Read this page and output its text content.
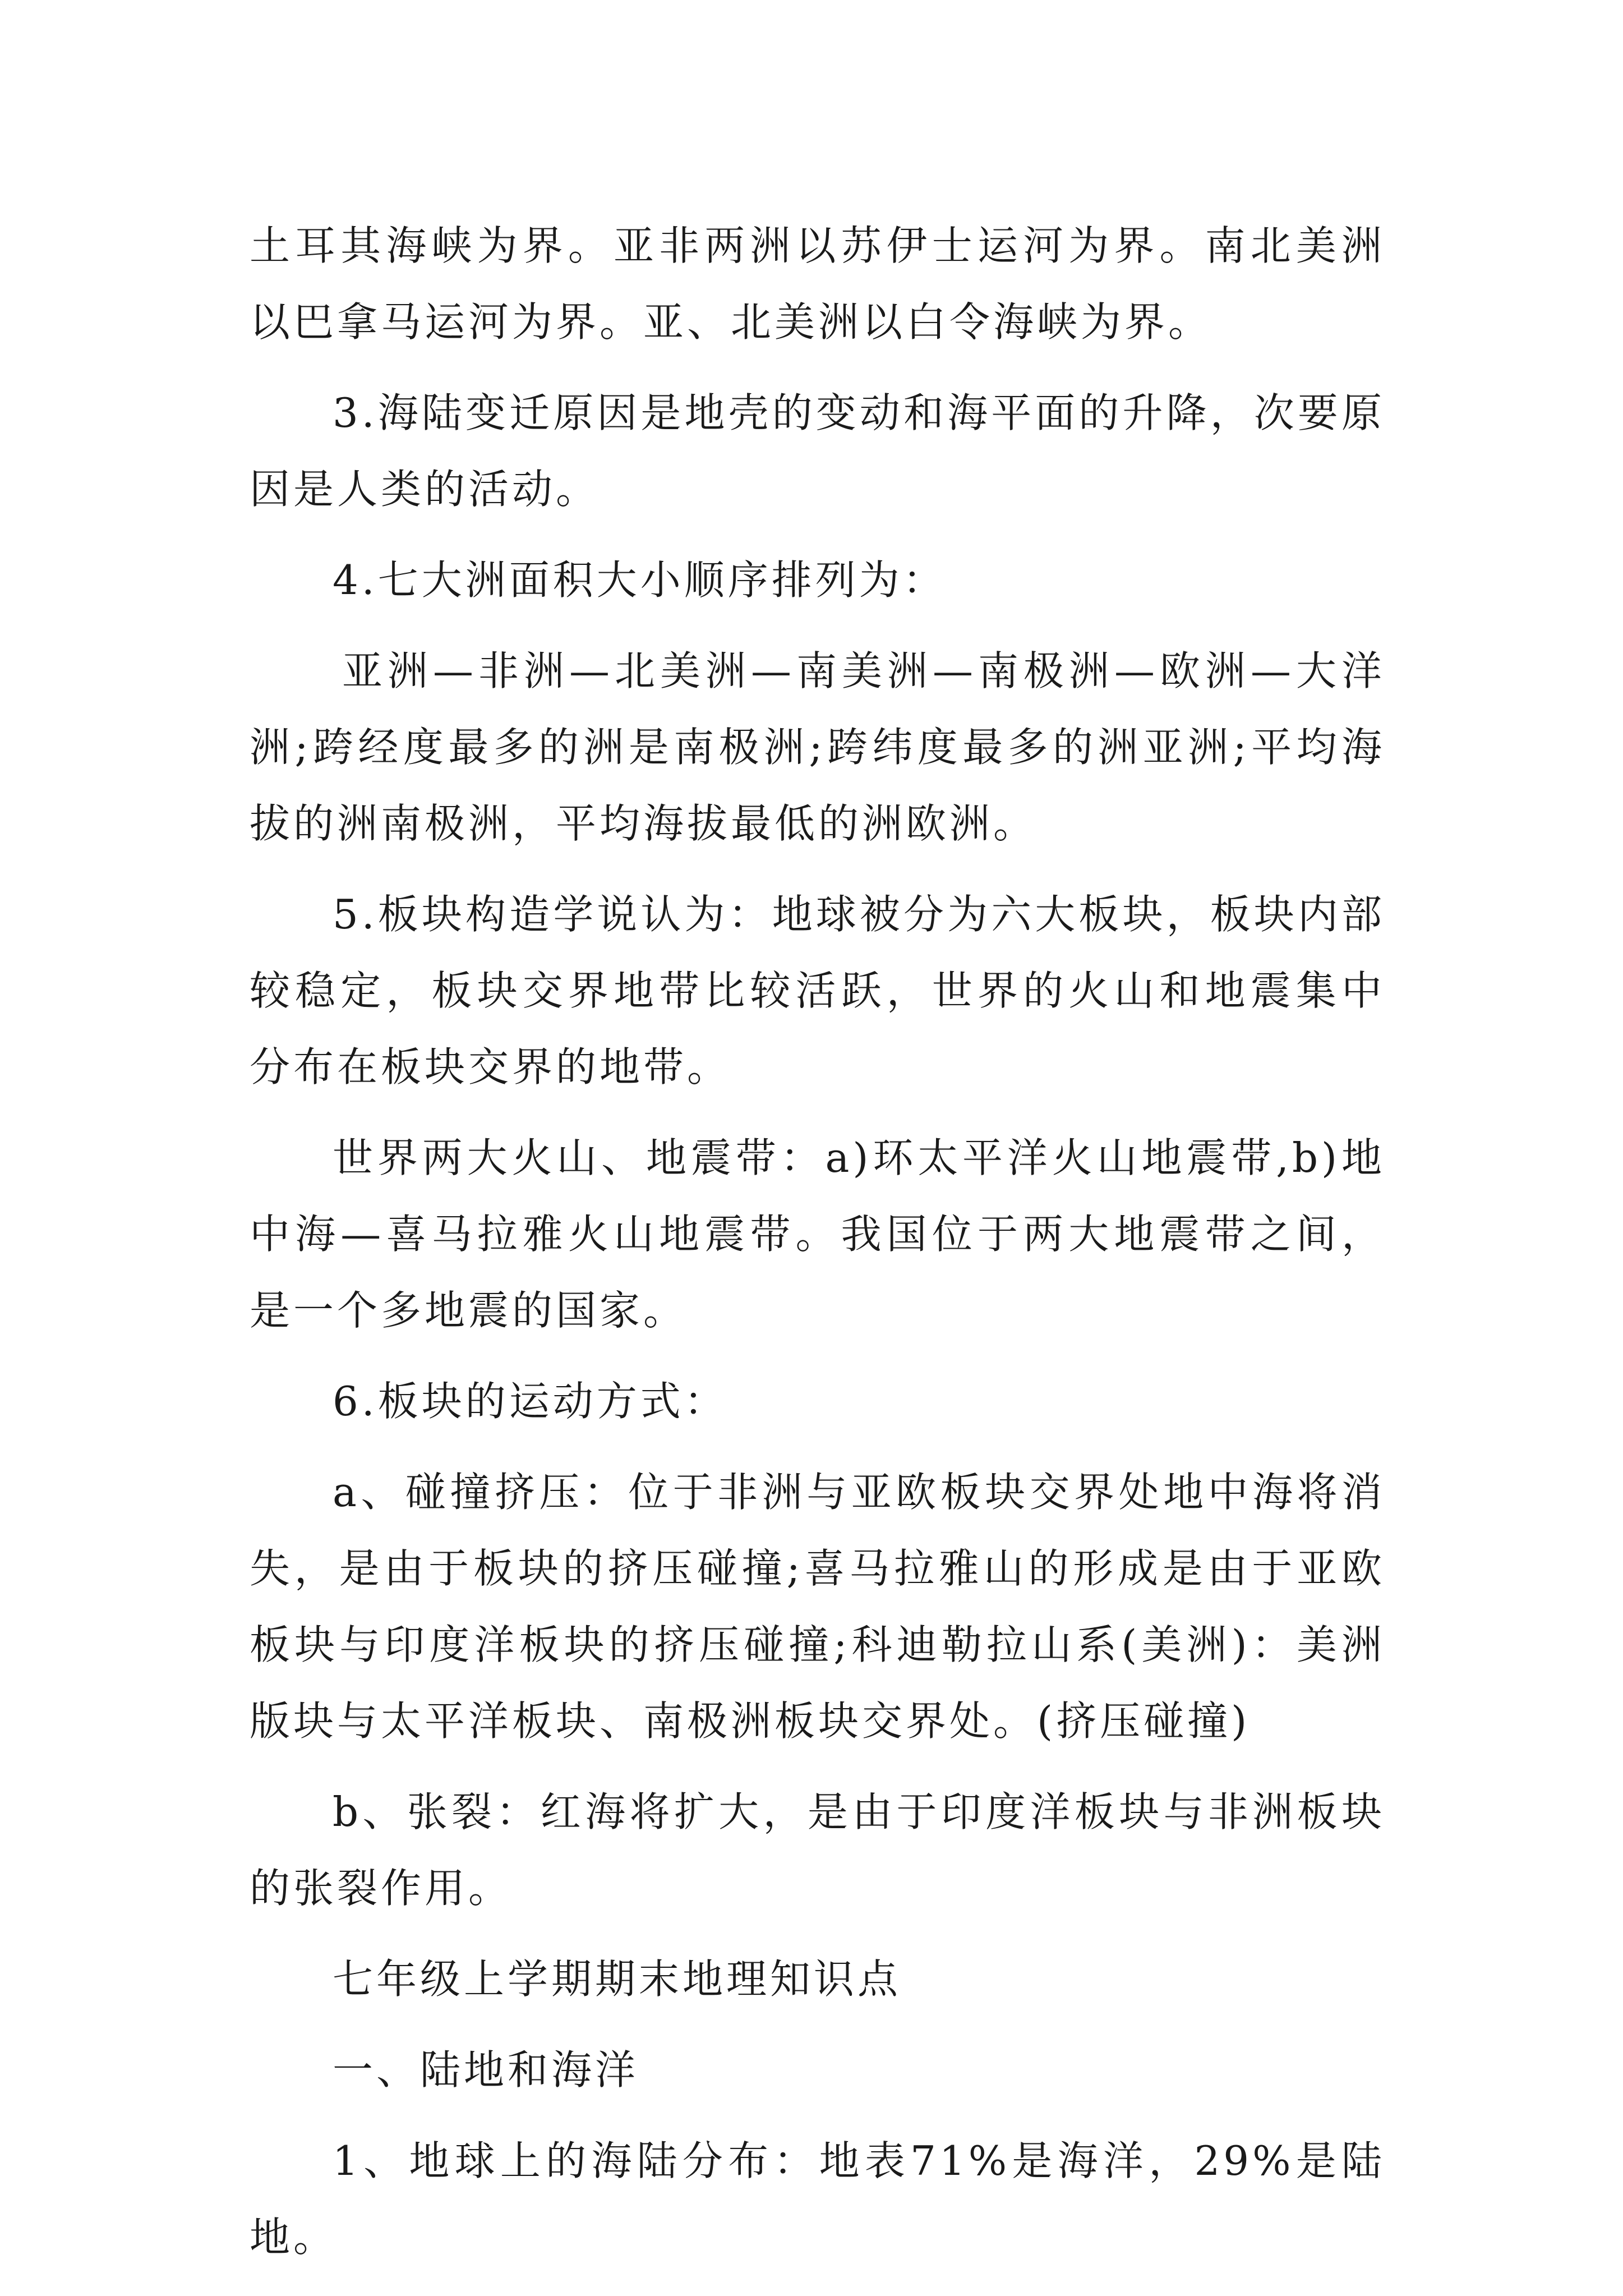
土耳其海峡为界。亚非两洲以苏伊士运河为界。南北美洲以巴拿马运河为界。亚、北美洲以白令海峡为界。

3.海陆变迁原因是地壳的变动和海平面的升降，次要原因是人类的活动。

4.七大洲面积大小顺序排列为：

亚洲—非洲—北美洲—南美洲—南极洲—欧洲—大洋洲;跨经度最多的洲是南极洲;跨纬度最多的洲亚洲;平均海拔的洲南极洲，平均海拔最低的洲欧洲。

5.板块构造学说认为：地球被分为六大板块，板块内部较稳定，板块交界地带比较活跃，世界的火山和地震集中分布在板块交界的地带。

世界两大火山、地震带：a)环太平洋火山地震带,b)地中海—喜马拉雅火山地震带。我国位于两大地震带之间，是一个多地震的国家。

6.板块的运动方式：

a、碰撞挤压：位于非洲与亚欧板块交界处地中海将消失，是由于板块的挤压碰撞;喜马拉雅山的形成是由于亚欧板块与印度洋板块的挤压碰撞;科迪勒拉山系(美洲)：美洲版块与太平洋板块、南极洲板块交界处。(挤压碰撞)

b、张裂：红海将扩大，是由于印度洋板块与非洲板块的张裂作用。

七年级上学期期末地理知识点

一、陆地和海洋

1、地球上的海陆分布：地表71%是海洋，29%是陆地。
